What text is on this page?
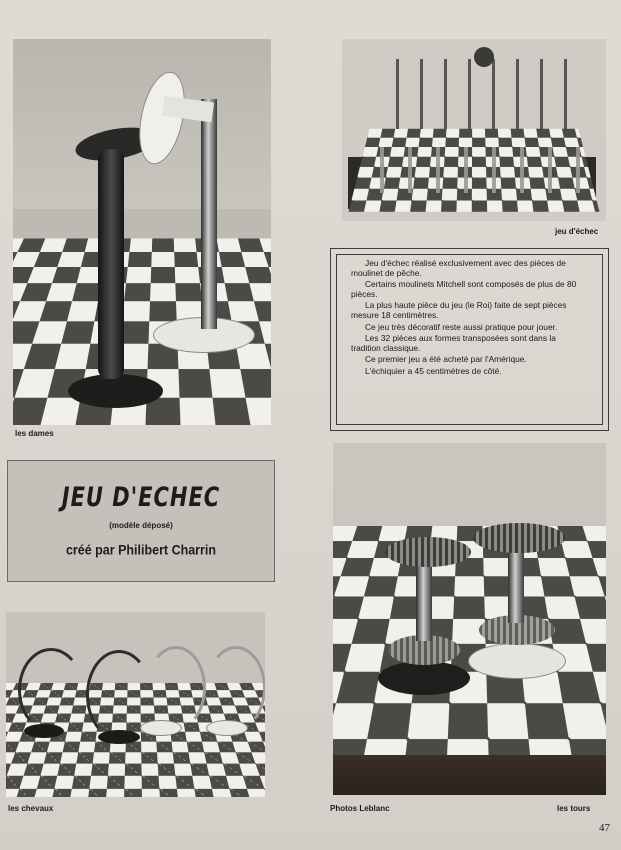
les dames
jeu d'échec

Jeu d'échec réalisé exclusivement avec des pièces de moulinet de pêche.

Certains moulinets Mitchell sont composés de plus de 80 pièces.

La plus haute pièce du jeu (le Roi) faite de sept pièces mesure 18 centimètres.

Ce jeu très décoratif reste aussi pratique pour jouer.

Les 32 pièces aux formes transposées sont dans la tradition classique.

Ce premier jeu a été acheté par l'Amérique.

L'échiquier a 45 centimètres de côté.

JEU D'ECHEC
(modèle déposé)
créé par Philibert Charrin
les chevaux	Photos Leblanc	les tours
47
